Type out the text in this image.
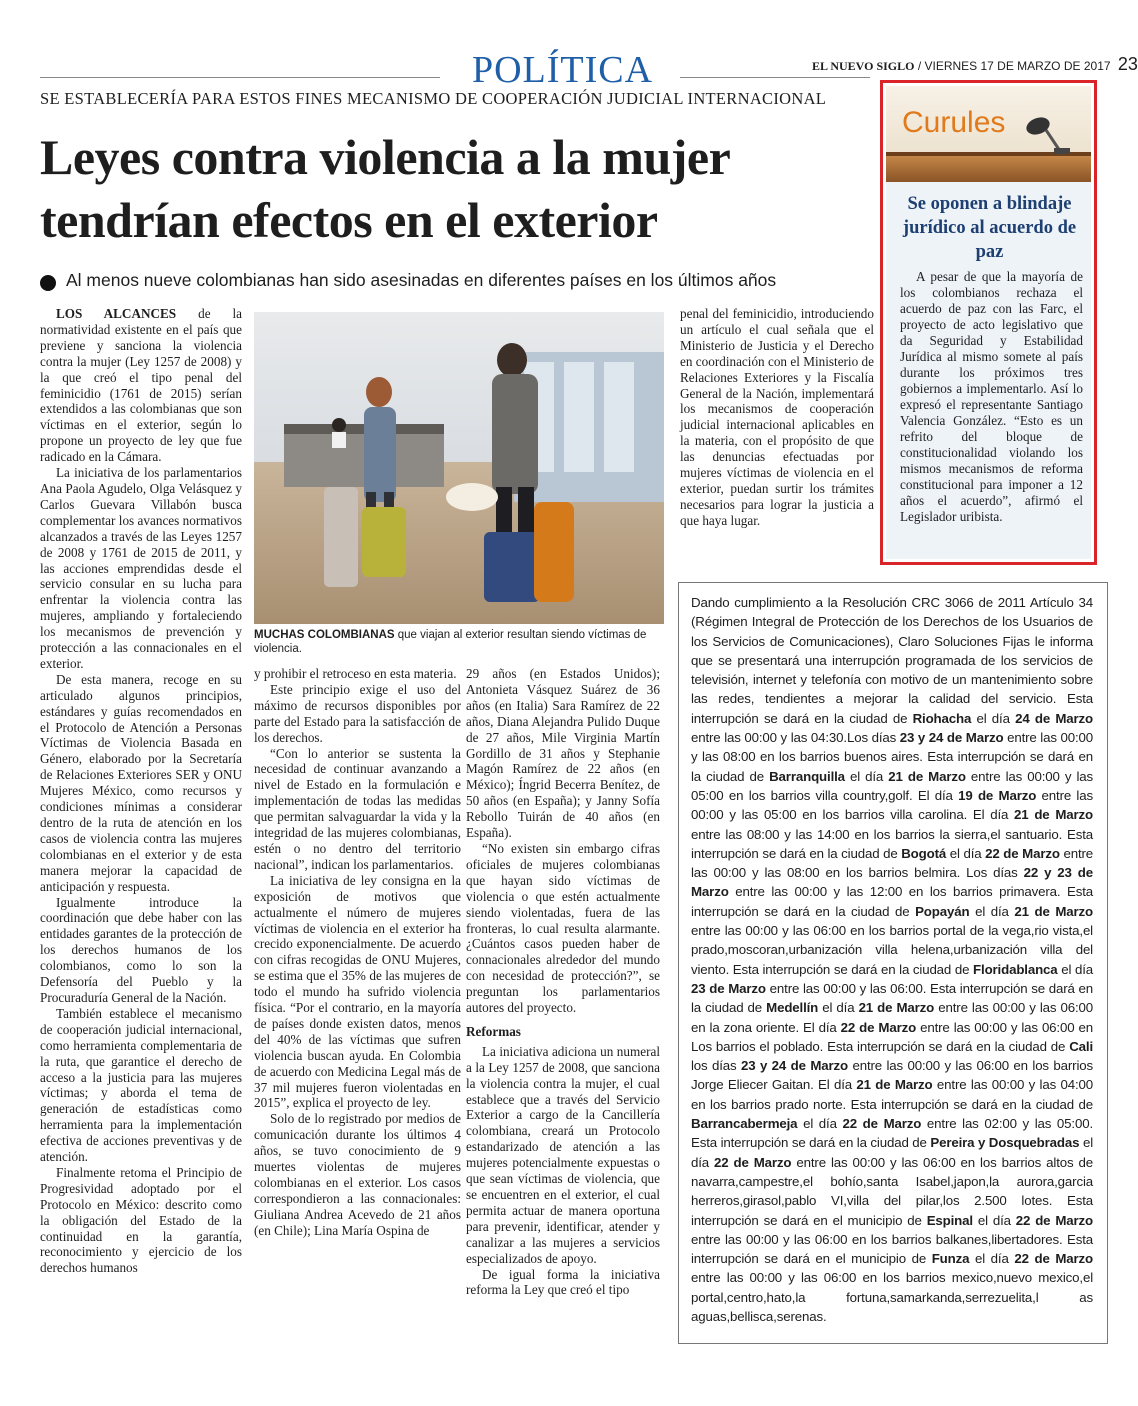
POLÍTICA	EL NUEVO SIGLO / VIERNES 17 DE MARZO DE 2017 23
SE ESTABLECERÍA PARA ESTOS FINES MECANISMO DE COOPERACIÓN JUDICIAL INTERNACIONAL
Leyes contra violencia a la mujer
tendrían efectos en el exterior
Al menos nueve colombianas han sido asesinadas en diferentes países en los últimos años

LOS ALCANCES de la normatividad existente en el país que previene y sanciona la violencia contra la mujer (Ley 1257 de 2008) y la que creó el tipo penal del feminicidio (1761 de 2015) serían extendidos a las colombianas que son víctimas en el exterior, según lo propone un proyecto de ley que fue radicado en la Cámara.

La iniciativa de los parlamentarios Ana Paola Agudelo, Olga Velásquez y Carlos Guevara Villabón busca complementar los avances normativos alcanzados a través de las Leyes 1257 de 2008 y 1761 de 2015 de 2011, y las acciones emprendidas desde el servicio consular en su lucha para enfrentar la violencia contra las mujeres, ampliando y fortaleciendo los mecanismos de prevención y protección a las connacionales en el exterior.

De esta manera, recoge en su articulado algunos principios, estándares y guías recomendados en el Protocolo de Atención a Personas Víctimas de Violencia Basada en Género, elaborado por la Secretaría de Relaciones Exteriores SER y ONU Mujeres México, como recursos y condiciones mínimas a considerar dentro de la ruta de atención en los casos de violencia contra las mujeres colombianas en el exterior y de esta manera mejorar la capacidad de anticipación y respuesta.

Igualmente introduce la coordinación que debe haber con las entidades garantes de la protección de los derechos humanos de los colombianos, como lo son la Defensoría del Pueblo y la Procuraduría General de la Nación.

También establece el mecanismo de cooperación judicial internacional, como herramienta complementaria de la ruta, que garantice el derecho de acceso a la justicia para las mujeres víctimas; y aborda el tema de generación de estadísticas como herramienta para la implementación efectiva de acciones preventivas y de atención.

Finalmente retoma el Principio de Progresividad adoptado por el Protocolo en México: descrito como la obligación del Estado de la continuidad en la garantía, reconocimiento y ejercicio de los derechos humanos

MUCHAS COLOMBIANAS que viajan al exterior resultan siendo víctimas de violencia.

y prohibir el retroceso en esta materia.

Este principio exige el uso del máximo de recursos disponibles por parte del Estado para la satisfacción de los derechos.

“Con lo anterior se sustenta la necesidad de continuar avanzando a nivel de Estado en la formulación e implementación de todas las medidas que permitan salvaguardar la vida y la integridad de las mujeres colombianas, estén o no dentro del territorio nacional”, indican los parlamentarios.

La iniciativa de ley consigna en la exposición de motivos que actualmente el número de mujeres víctimas de violencia en el exterior ha crecido exponencialmente. De acuerdo con cifras recogidas de ONU Mujeres, se estima que el 35% de las mujeres de todo el mundo ha sufrido violencia física. “Por el contrario, en la mayoría de países donde existen datos, menos del 40% de las víctimas que sufren violencia buscan ayuda. En Colombia de acuerdo con Medicina Legal más de 37 mil mujeres fueron violentadas en 2015”, explica el proyecto de ley.

Solo de lo registrado por medios de comunicación durante los últimos 4 años, se tuvo conocimiento de 9 muertes violentas de mujeres colombianas en el exterior. Los casos correspondieron a las connacionales: Giuliana Andrea Acevedo de 21 años (en Chile); Lina María Ospina de

29 años (en Estados Unidos); Antonieta Vásquez Suárez de 36 años (en Italia) Sara Ramírez de 22 años, Diana Alejandra Pulido Duque de 27 años, Mile Virginia Martín Gordillo de 31 años y Stephanie Magón Ramírez de 22 años (en México); Íngrid Becerra Benítez, de 50 años (en España); y Janny Sofía Rebollo Tuirán de 40 años (en España).

“No existen sin embargo cifras oficiales de mujeres colombianas que hayan sido víctimas de violencia o que estén actualmente siendo violentadas, fuera de las fronteras, lo cual resulta alarmante. ¿Cuántos casos pueden haber de connacionales alrededor del mundo con necesidad de protección?”, se preguntan los parlamentarios autores del proyecto.

Reformas

La iniciativa adiciona un numeral a la Ley 1257 de 2008, que sanciona la violencia contra la mujer, el cual establece que a través del Servicio Exterior a cargo de la Cancillería colombiana, creará un Protocolo estandarizado de atención a las mujeres potencialmente expuestas o que sean víctimas de violencia, que se encuentren en el exterior, el cual permita actuar de manera oportuna para prevenir, identificar, atender y canalizar a las mujeres a servicios especializados de apoyo.

De igual forma la iniciativa reforma la Ley que creó el tipo

penal del feminicidio, introduciendo un artículo el cual señala que el Ministerio de Justicia y el Derecho en coordinación con el Ministerio de Relaciones Exteriores y la Fiscalía General de la Nación, implementará los mecanismos de cooperación judicial internacional aplicables en la materia, con el propósito de que las denuncias efectuadas por mujeres víctimas de violencia en el exterior, puedan surtir los trámites necesarios para lograr la justicia a que haya lugar.

Curules
Se oponen a blindaje jurídico al acuerdo de paz

A pesar de que la mayoría de los colombianos rechaza el acuerdo de paz con las Farc, el proyecto de acto legislativo que da Seguridad y Estabilidad Jurídica al mismo somete al país durante los próximos tres gobiernos a implementarlo. Así lo expresó el representante Santiago Valencia González. “Esto es un refrito del bloque de constitucionalidad violando los mismos mecanismos de reforma constitucional para imponer a 12 años el acuerdo”, afirmó el Legislador uribista.

Dando cumplimiento a la Resolución CRC 3066 de 2011 Artículo 34 (Régimen Integral de Protección de los Derechos de los Usuarios de los Servicios de Comunicaciones), Claro Soluciones Fijas le informa que se presentará una interrupción programada de los servicios de televisión, internet y telefonía con motivo de un mantenimiento sobre las redes, tendientes a mejorar la calidad del servicio. Esta interrupción se dará en la ciudad de Riohacha el día 24 de Marzo entre las 00:00 y las 04:30.Los días 23 y 24 de Marzo entre las 00:00 y las 08:00 en los barrios buenos aires. Esta interrupción se dará en la ciudad de Barranquilla el día 21 de Marzo entre las 00:00 y las 05:00 en los barrios villa country,golf. El día 19 de Marzo entre las 00:00 y las 05:00 en los barrios villa carolina. El día 21 de Marzo entre las 08:00 y las 14:00 en los barrios la sierra,el santuario. Esta interrupción se dará en la ciudad de Bogotá el día 22 de Marzo entre las 00:00 y las 08:00 en los barrios belmira. Los días 22 y 23 de Marzo entre las 00:00 y las 12:00 en los barrios primavera. Esta interrupción se dará en la ciudad de Popayán el día 21 de Marzo entre las 00:00 y las 06:00 en los barrios portal de la vega,rio vista,el prado,moscoran,urbanización villa helena,urbanización villa del viento. Esta interrupción se dará en la ciudad de Floridablanca el día 23 de Marzo entre las 00:00 y las 06:00. Esta interrupción se dará en la ciudad de Medellín el día 21 de Marzo entre las 00:00 y las 06:00 en la zona oriente. El día 22 de Marzo entre las 00:00 y las 06:00 en Los barrios el poblado. Esta interrupción se dará en la ciudad de Cali los días 23 y 24 de Marzo entre las 00:00 y las 06:00 en los barrios Jorge Eliecer Gaitan. El día 21 de Marzo entre las 00:00 y las 04:00 en los barrios prado norte. Esta interrupción se dará en la ciudad de Barrancabermeja el día 22 de Marzo entre las 02:00 y las 05:00. Esta interrupción se dará en la ciudad de Pereira y Dosquebradas el día 22 de Marzo entre las 00:00 y las 06:00 en los barrios altos de navarra,campestre,el bohío,santa Isabel,japon,la aurora,garcia herreros,girasol,pablo VI,villa del pilar,los 2.500 lotes. Esta interrupción se dará en el municipio de Espinal el día 22 de Marzo entre las 00:00 y las 06:00 en los barrios balkanes,libertadores. Esta interrupción se dará en el municipio de Funza el día 22 de Marzo entre las 00:00 y las 06:00 en los barrios mexico,nuevo mexico,el portal,centro,hato,la fortuna,samarkanda,serrezuelita,l as aguas,bellisca,serenas.
